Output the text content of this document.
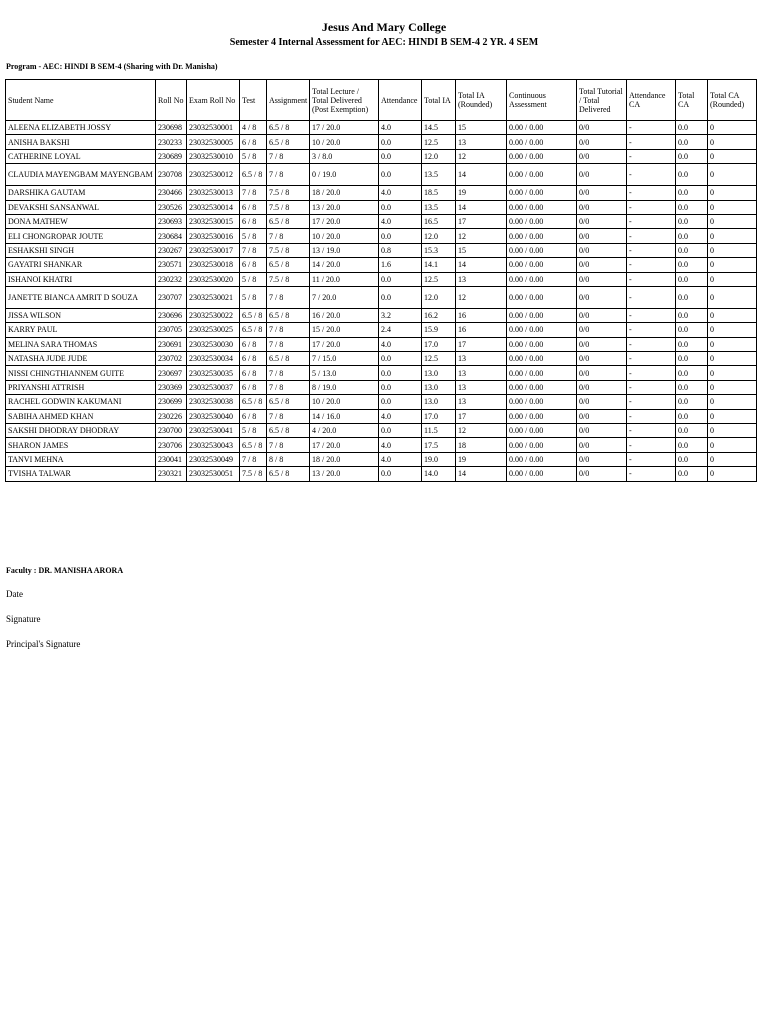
Jesus And Mary College
Semester 4 Internal Assessment for AEC: HINDI B SEM-4 2 YR. 4 SEM
Program - AEC: HINDI B SEM-4 (Sharing with Dr. Manisha)
Student Name	Roll No	Exam Roll No	Test	Assignment	Total Lecture / Total Delivered (Post Exemption)	Attendance	Total IA	Total IA (Rounded)	Continuous Assessment	Total Tutorial / Total Delivered	Attendance CA	Total CA	Total CA (Rounded)
ALEENA ELIZABETH JOSSY	230698	23032530001	4 / 8	6.5 / 8	17 / 20.0	4.0	14.5	15	0.00 / 0.00	0/0	-	0.0	0
ANISHA BAKSHI	230233	23032530005	6 / 8	6.5 / 8	10 / 20.0	0.0	12.5	13	0.00 / 0.00	0/0	-	0.0	0
CATHERINE LOYAL	230689	23032530010	5 / 8	7 / 8	3 / 8.0	0.0	12.0	12	0.00 / 0.00	0/0	-	0.0	0
CLAUDIA MAYENGBAM MAYENGBAM	230708	23032530012	6.5 / 8	7 / 8	0 / 19.0	0.0	13.5	14	0.00 / 0.00	0/0	-	0.0	0
DARSHIKA GAUTAM	230466	23032530013	7 / 8	7.5 / 8	18 / 20.0	4.0	18.5	19	0.00 / 0.00	0/0	-	0.0	0
DEVAKSHI SANSANWAL	230526	23032530014	6 / 8	7.5 / 8	13 / 20.0	0.0	13.5	14	0.00 / 0.00	0/0	-	0.0	0
DONA MATHEW	230693	23032530015	6 / 8	6.5 / 8	17 / 20.0	4.0	16.5	17	0.00 / 0.00	0/0	-	0.0	0
ELI CHONGROPAR JOUTE	230684	23032530016	5 / 8	7 / 8	10 / 20.0	0.0	12.0	12	0.00 / 0.00	0/0	-	0.0	0
ESHAKSHI SINGH	230267	23032530017	7 / 8	7.5 / 8	13 / 19.0	0.8	15.3	15	0.00 / 0.00	0/0	-	0.0	0
GAYATRI SHANKAR	230571	23032530018	6 / 8	6.5 / 8	14 / 20.0	1.6	14.1	14	0.00 / 0.00	0/0	-	0.0	0
ISHANOI KHATRI	230232	23032530020	5 / 8	7.5 / 8	11 / 20.0	0.0	12.5	13	0.00 / 0.00	0/0	-	0.0	0
JANETTE BIANCA AMRIT D SOUZA	230707	23032530021	5 / 8	7 / 8	7 / 20.0	0.0	12.0	12	0.00 / 0.00	0/0	-	0.0	0
JISSA WILSON	230696	23032530022	6.5 / 8	6.5 / 8	16 / 20.0	3.2	16.2	16	0.00 / 0.00	0/0	-	0.0	0
KARRY PAUL	230705	23032530025	6.5 / 8	7 / 8	15 / 20.0	2.4	15.9	16	0.00 / 0.00	0/0	-	0.0	0
MELINA SARA THOMAS	230691	23032530030	6 / 8	7 / 8	17 / 20.0	4.0	17.0	17	0.00 / 0.00	0/0	-	0.0	0
NATASHA JUDE JUDE	230702	23032530034	6 / 8	6.5 / 8	7 / 15.0	0.0	12.5	13	0.00 / 0.00	0/0	-	0.0	0
NISSI CHINGTHIANNEM GUITE	230697	23032530035	6 / 8	7 / 8	5 / 13.0	0.0	13.0	13	0.00 / 0.00	0/0	-	0.0	0
PRIYANSHI ATTRISH	230369	23032530037	6 / 8	7 / 8	8 / 19.0	0.0	13.0	13	0.00 / 0.00	0/0	-	0.0	0
RACHEL GODWIN KAKUMANI	230699	23032530038	6.5 / 8	6.5 / 8	10 / 20.0	0.0	13.0	13	0.00 / 0.00	0/0	-	0.0	0
SABIHA AHMED KHAN	230226	23032530040	6 / 8	7 / 8	14 / 16.0	4.0	17.0	17	0.00 / 0.00	0/0	-	0.0	0
SAKSHI DHODRAY DHODRAY	230700	23032530041	5 / 8	6.5 / 8	4 / 20.0	0.0	11.5	12	0.00 / 0.00	0/0	-	0.0	0
SHARON JAMES	230706	23032530043	6.5 / 8	7 / 8	17 / 20.0	4.0	17.5	18	0.00 / 0.00	0/0	-	0.0	0
TANVI MEHNA	230041	23032530049	7 / 8	8 / 8	18 / 20.0	4.0	19.0	19	0.00 / 0.00	0/0	-	0.0	0
TVISHA TALWAR	230321	23032530051	7.5 / 8	6.5 / 8	13 / 20.0	0.0	14.0	14	0.00 / 0.00	0/0	-	0.0	0
Faculty : DR. MANISHA ARORA
Date
Signature
Principal's Signature
